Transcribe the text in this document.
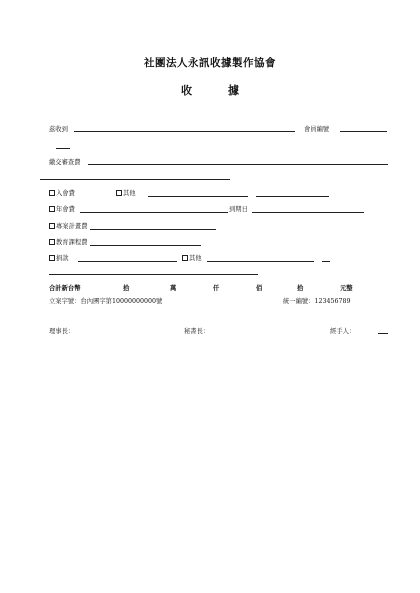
社團法人永訊收據製作協會
收	據
茲收到	會員編號
繳交審查費
入會費	其他
年會費	到期日
專案計畫費
教育課程費
捐款	其他
合計新台幣	拾	萬	仟	佰	拾	元整
立案字號：台內團字第10000000000號	統一編號：123456789
理事長：	秘書長：	經手人：
